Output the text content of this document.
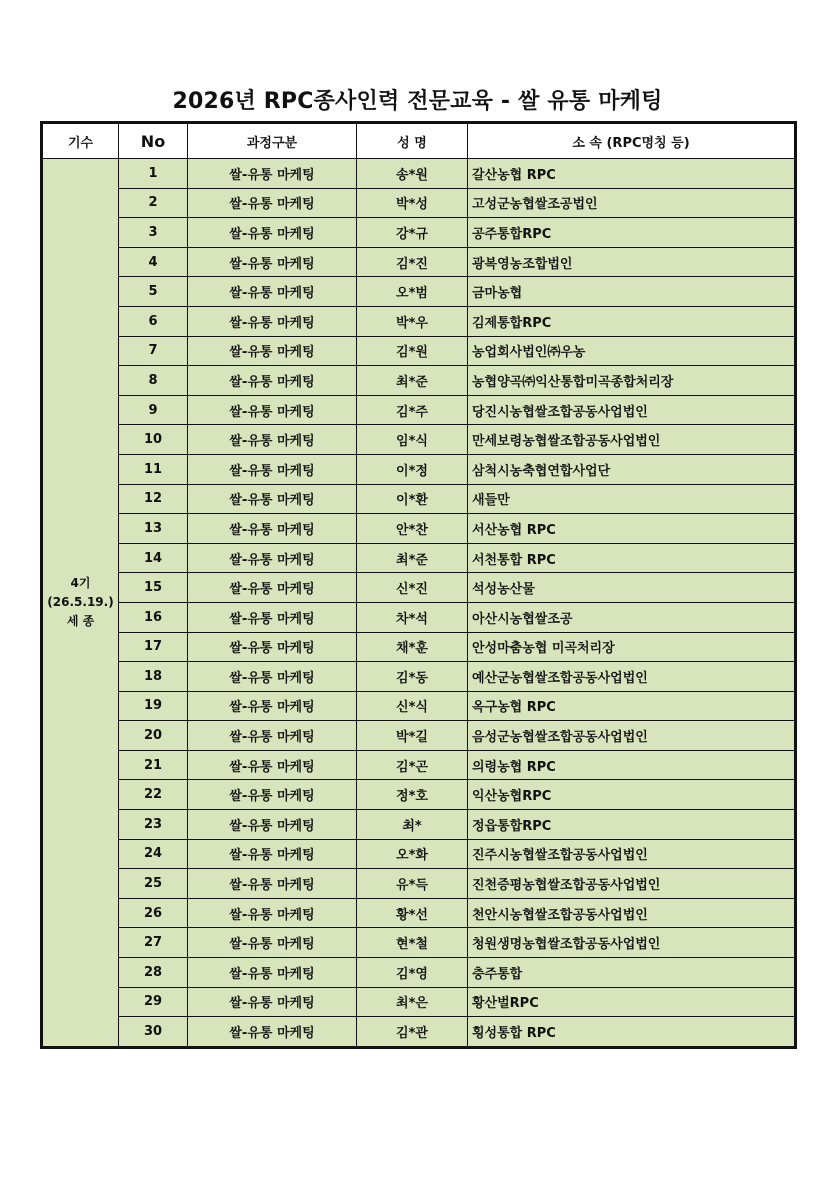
2026년 RPC종사인력 전문교육 - 쌀 유통 마케팅
기수	No	과정구분	성 명	소 속 (RPC명칭 등)

4기
(26.5.19.)
세 종	1	쌀-유통 마케팅	송*원	갈산농협 RPC
	2	쌀-유통 마케팅	박*성	고성군농협쌀조공법인
	3	쌀-유통 마케팅	강*규	공주통합RPC
	4	쌀-유통 마케팅	김*진	광복영농조합법인
	5	쌀-유통 마케팅	오*범	금마농협
	6	쌀-유통 마케팅	박*우	김제통합RPC
	7	쌀-유통 마케팅	김*원	농업회사법인㈜우농
	8	쌀-유통 마케팅	최*준	농협양곡㈜익산통합미곡종합처리장
	9	쌀-유통 마케팅	김*주	당진시농협쌀조합공동사업법인
	10	쌀-유통 마케팅	임*식	만세보령농협쌀조합공동사업법인
	11	쌀-유통 마케팅	이*정	삼척시농축협연합사업단
	12	쌀-유통 마케팅	이*환	새들만
	13	쌀-유통 마케팅	안*찬	서산농협 RPC
	14	쌀-유통 마케팅	최*준	서천통합 RPC
	15	쌀-유통 마케팅	신*진	석성농산물
	16	쌀-유통 마케팅	차*석	아산시농협쌀조공
	17	쌀-유통 마케팅	채*훈	안성마춤농협 미곡처리장
	18	쌀-유통 마케팅	김*동	예산군농협쌀조합공동사업법인
	19	쌀-유통 마케팅	신*식	옥구농협 RPC
	20	쌀-유통 마케팅	박*길	음성군농협쌀조합공동사업법인
	21	쌀-유통 마케팅	김*곤	의령농협 RPC
	22	쌀-유통 마케팅	정*호	익산농협RPC
	23	쌀-유통 마케팅	최*	정읍통합RPC
	24	쌀-유통 마케팅	오*화	진주시농협쌀조합공동사업법인
	25	쌀-유통 마케팅	유*득	진천증평농협쌀조합공동사업법인
	26	쌀-유통 마케팅	황*선	천안시농협쌀조합공동사업법인
	27	쌀-유통 마케팅	현*철	청원생명농협쌀조합공동사업법인
	28	쌀-유통 마케팅	김*영	충주통합
	29	쌀-유통 마케팅	최*은	황산벌RPC
	30	쌀-유통 마케팅	김*관	횡성통합 RPC
